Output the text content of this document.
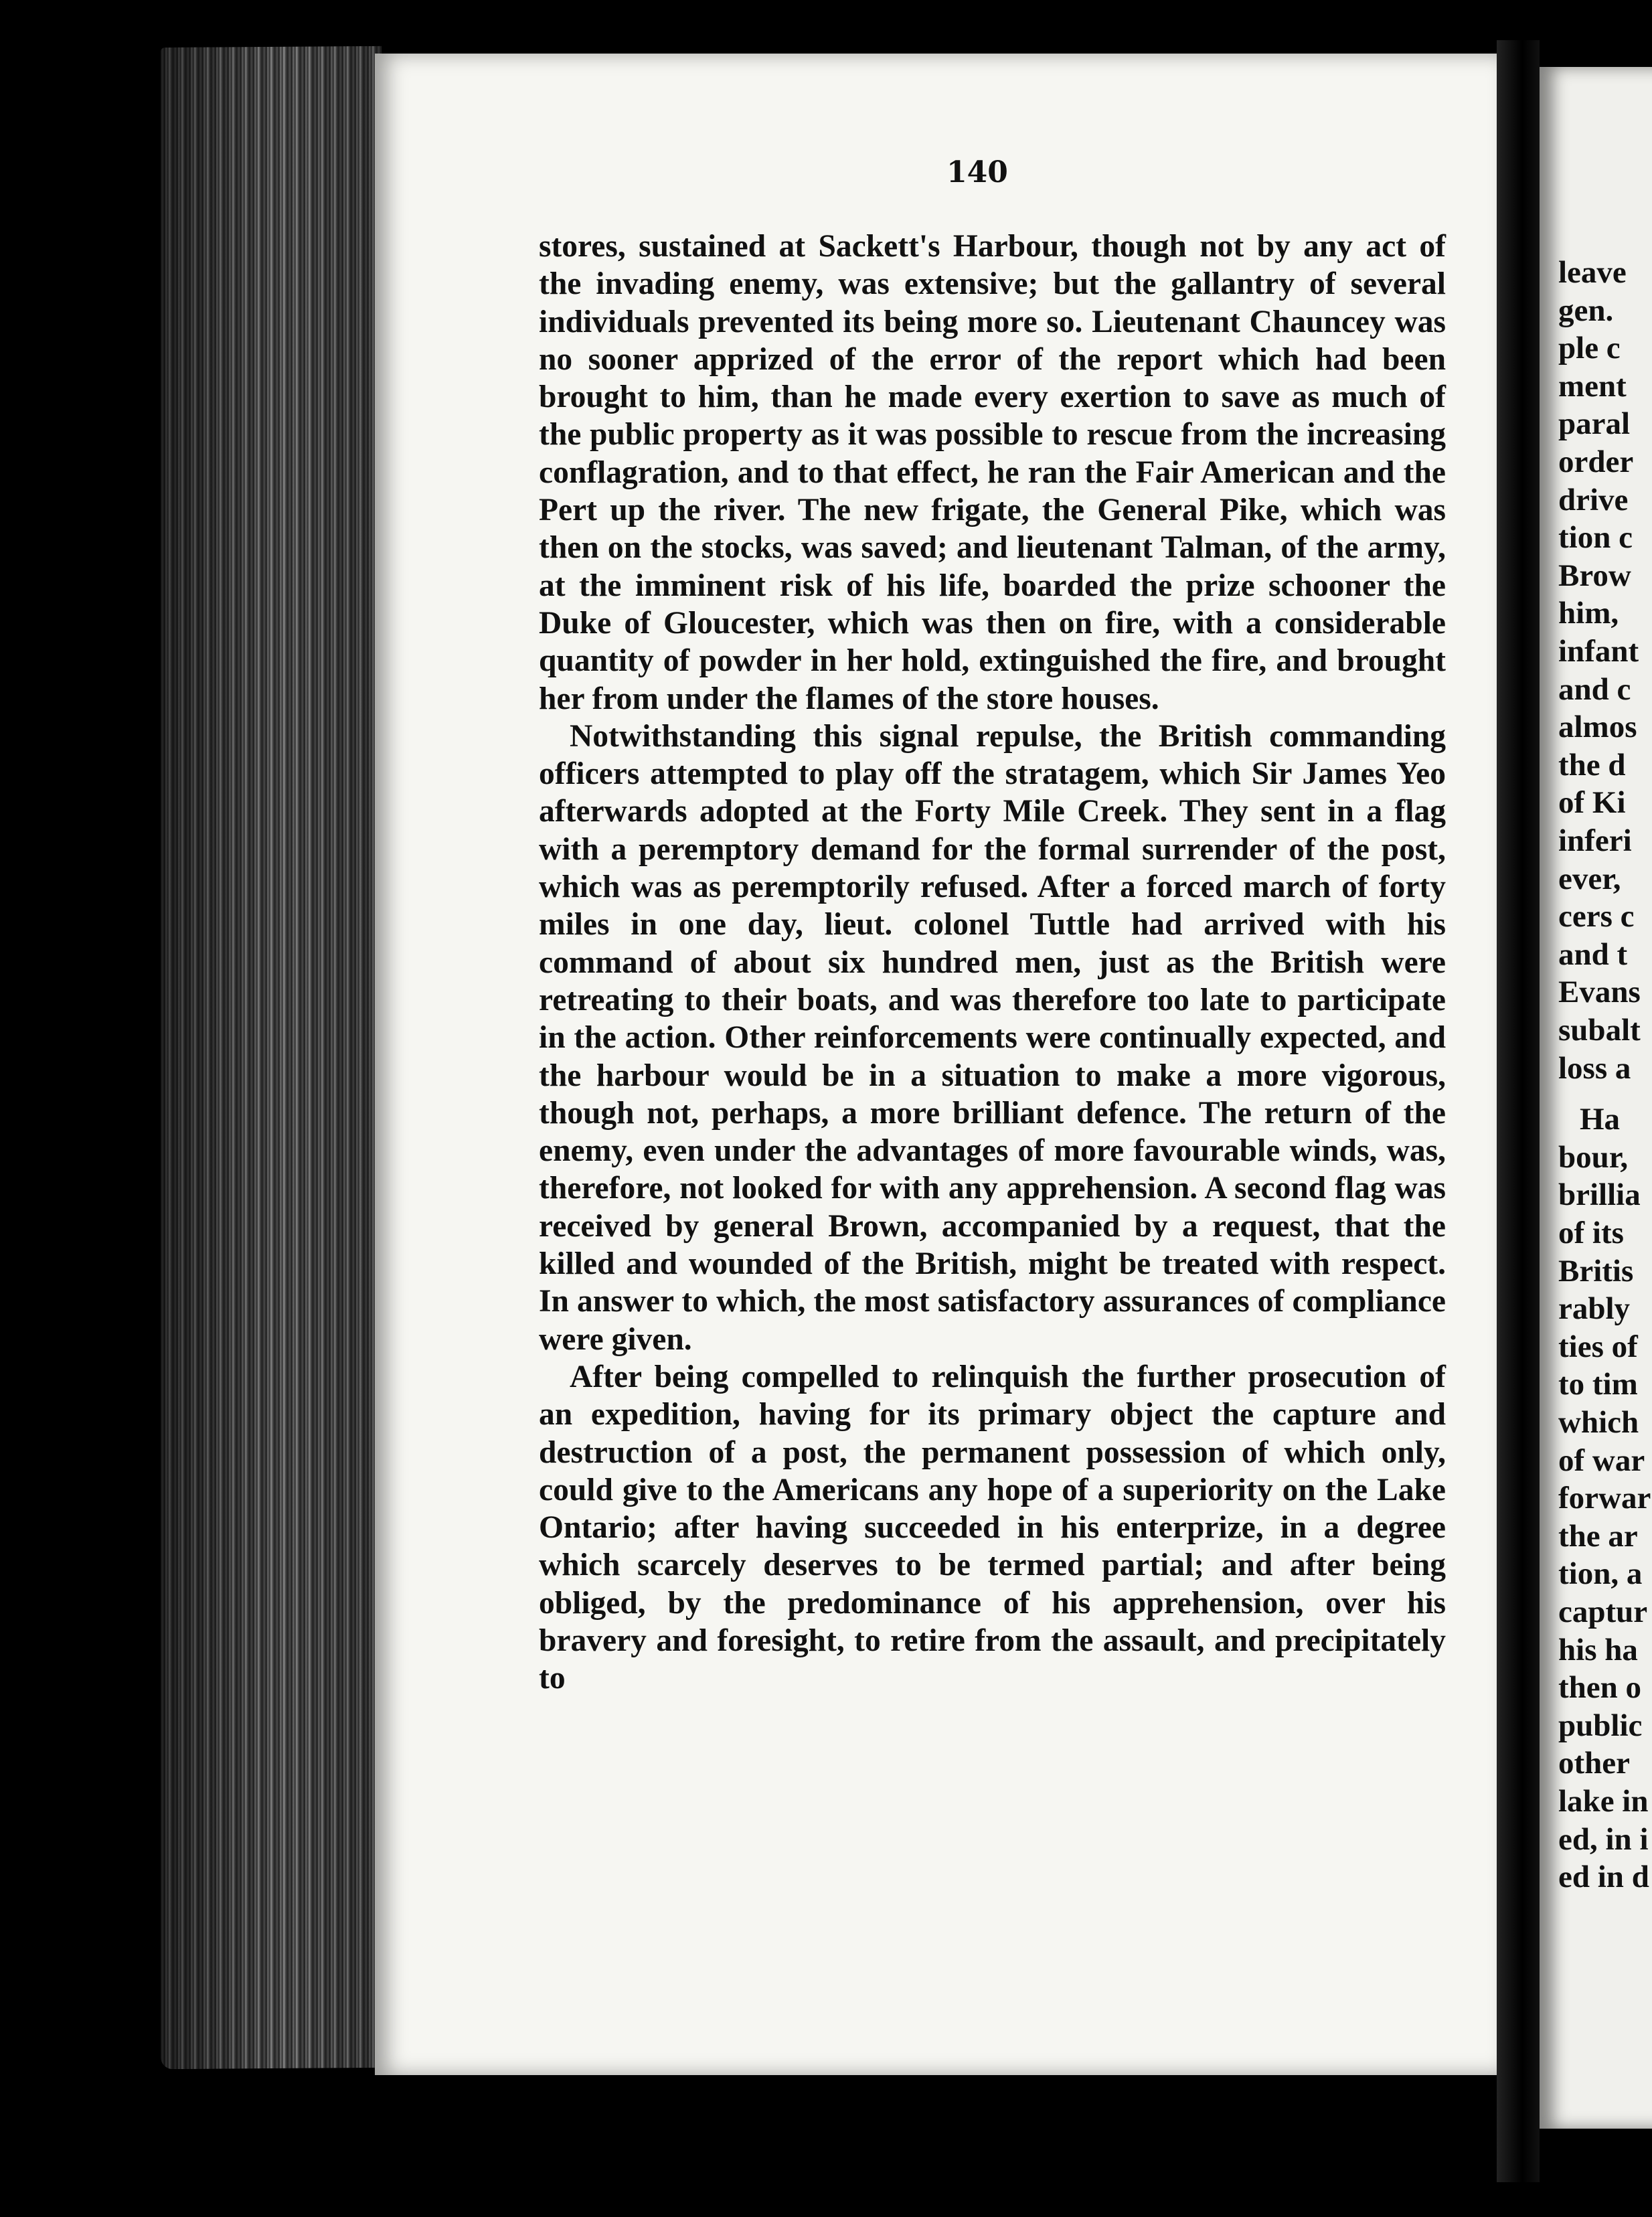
140

stores, sustained at Sackett's Harbour, though not by any act of the invading enemy, was extensive; but the gallantry of several individuals prevented its being more so. Lieutenant Chauncey was no sooner apprized of the error of the report which had been brought to him, than he made every exertion to save as much of the public property as it was possible to rescue from the increasing conflagration, and to that effect, he ran the Fair American and the Pert up the river. The new frigate, the General Pike, which was then on the stocks, was saved; and lieutenant Talman, of the army, at the imminent risk of his life, boarded the prize schooner the Duke of Gloucester, which was then on fire, with a considerable quantity of powder in her hold, extinguished the fire, and brought her from under the flames of the store houses.

Notwithstanding this signal repulse, the British commanding officers attempted to play off the stratagem, which Sir James Yeo afterwards adopted at the Forty Mile Creek. They sent in a flag with a peremptory demand for the formal surrender of the post, which was as peremptorily refused. After a forced march of forty miles in one day, lieut. colonel Tuttle had arrived with his command of about six hundred men, just as the British were retreating to their boats, and was therefore too late to participate in the action. Other reinforcements were continually expected, and the harbour would be in a situation to make a more vigorous, though not, perhaps, a more brilliant defence. The return of the enemy, even under the advantages of more favourable winds, was, therefore, not looked for with any apprehension. A second flag was received by general Brown, accompanied by a request, that the killed and wounded of the British, might be treated with respect. In answer to which, the most satisfactory assurances of compliance were given.

After being compelled to relinquish the further prosecution of an expedition, having for its primary object the capture and destruction of a post, the permanent possession of which only, could give to the Americans any hope of a superiority on the Lake Ontario; after having succeeded in his enterprize, in a degree which scarcely deserves to be termed partial; and after being obliged, by the predominance of his apprehension, over his bravery and foresight, to retire from the assault, and precipitately to

leave
gen.
ple c
ment
paral
order
drive
tion c
Brow
him,
infant
and c
almos
the d
of Ki
inferi
ever,
cers c
and t
Evans
subalt
loss a
Ha
bour,
brillia
of its
Britis
rably
ties of
to tim
which
of war
forwar
the ar
tion, a
captur
his ha
then o
public
other
lake in
ed, in i
ed in d
